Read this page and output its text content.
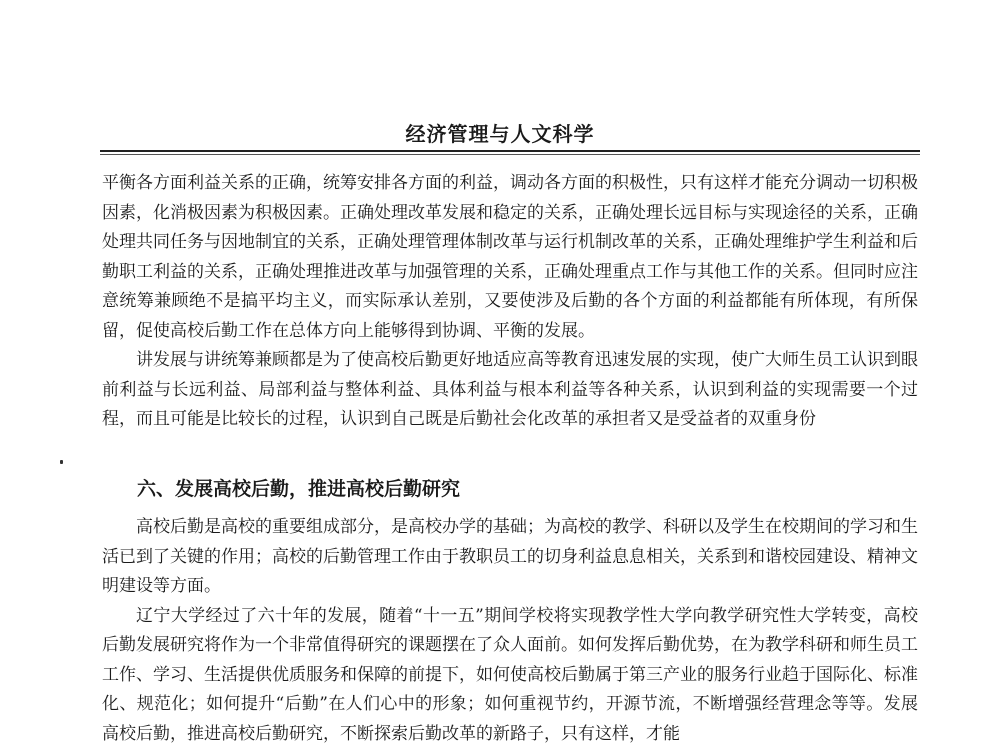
经济管理与人文科学

平衡各方面利益关系的正确，统筹安排各方面的利益，调动各方面的积极性，只有这样才能充分调动一切积极因素，化消极因素为积极因素。正确处理改革发展和稳定的关系，正确处理长远目标与实现途径的关系，正确处理共同任务与因地制宜的关系，正确处理管理体制改革与运行机制改革的关系，正确处理维护学生利益和后勤职工利益的关系，正确处理推进改革与加强管理的关系，正确处理重点工作与其他工作的关系。但同时应注意统筹兼顾绝不是搞平均主义，而实际承认差别，又要使涉及后勤的各个方面的利益都能有所体现，有所保留，促使高校后勤工作在总体方向上能够得到协调、平衡的发展。

讲发展与讲统筹兼顾都是为了使高校后勤更好地适应高等教育迅速发展的实现，使广大师生员工认识到眼前利益与长远利益、局部利益与整体利益、具体利益与根本利益等各种关系，认识到利益的实现需要一个过程，而且可能是比较长的过程，认识到自己既是后勤社会化改革的承担者又是受益者的双重身份

六、发展高校后勤，推进高校后勤研究

高校后勤是高校的重要组成部分，是高校办学的基础；为高校的教学、科研以及学生在校期间的学习和生活已到了关键的作用；高校的后勤管理工作由于教职员工的切身利益息息相关，关系到和谐校园建设、精神文明建设等方面。

辽宁大学经过了六十年的发展，随着“十一五”期间学校将实现教学性大学向教学研究性大学转变，高校后勤发展研究将作为一个非常值得研究的课题摆在了众人面前。如何发挥后勤优势，在为教学科研和师生员工工作、学习、生活提供优质服务和保障的前提下，如何使高校后勤属于第三产业的服务行业趋于国际化、标准化、规范化；如何提升“后勤”在人们心中的形象；如何重视节约，开源节流，不断增强经营理念等等。发展高校后勤，推进高校后勤研究，不断探索后勤改革的新路子，只有这样，才能
